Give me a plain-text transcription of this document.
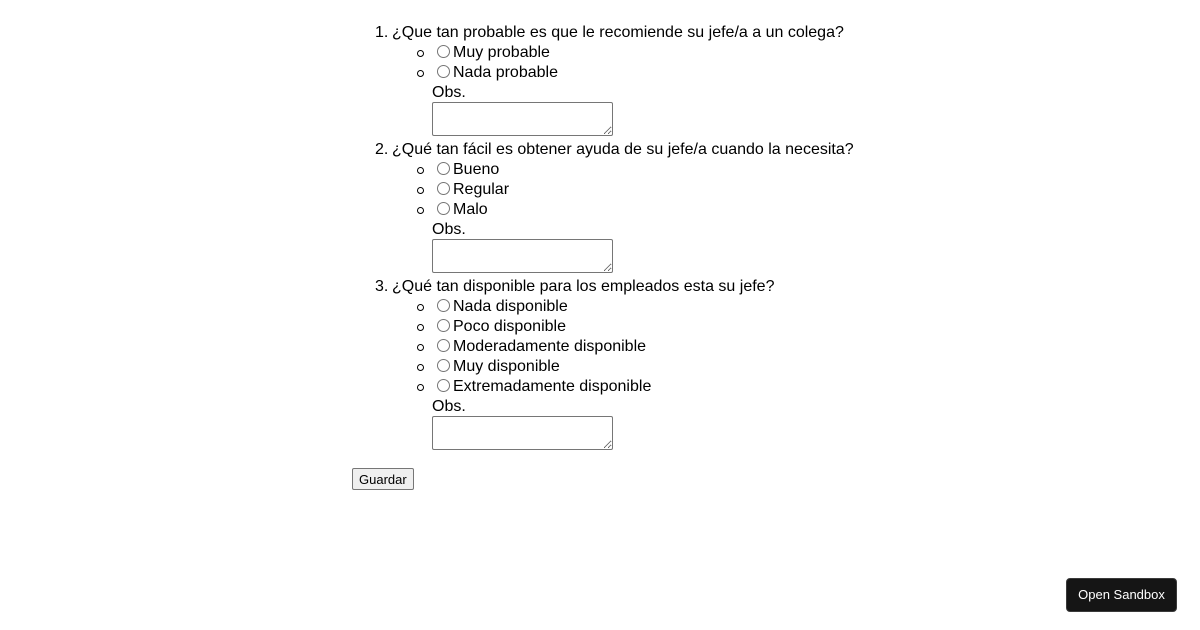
1. ¿Que tan probable es que le recomiende su jefe/a a un colega?
Muy probable
Nada probable
Obs.
2. ¿Qué tan fácil es obtener ayuda de su jefe/a cuando la necesita?
Bueno
Regular
Malo
Obs.
3. ¿Qué tan disponible para los empleados esta su jefe?
Nada disponible
Poco disponible
Moderadamente disponible
Muy disponible
Extremadamente disponible
Obs.
Guardar
Open Sandbox
